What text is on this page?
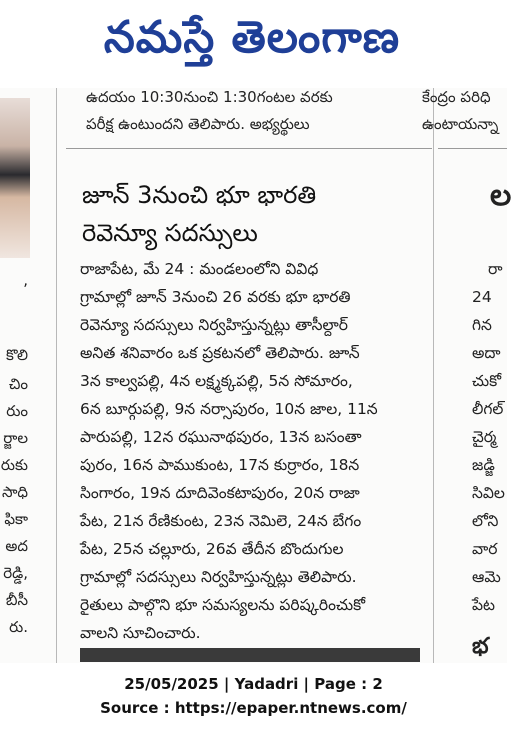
నమస్తే తెలంగాణ
,
కొలి
చిం
రుం
ర్జాల
రుకు
సాధి
ఫికా
అద
రెడ్డి,
బీసీ
రు.
ఉదయం 10:30నుంచి 1:30గంటల వరకు
పరీక్ష ఉంటుందని తెలిపారు. అభ్యర్థులు
జూన్ 3నుంచి భూ భారతి
రెవెన్యూ సదస్సులు
రాజాపేట, మే 24 : మండలంలోని వివిధ
గ్రామాల్లో జూన్ 3నుంచి 26 వరకు భూ భారతి
రెవెన్యూ సదస్సులు నిర్వహిస్తున్నట్లు తాసీల్దార్
అనిత శనివారం ఒక ప్రకటనలో తెలిపారు. జూన్
3న కాల్వపల్లి, 4న లక్ష్మక్కపల్లి, 5న సోమారం,
6న బూర్గుపల్లి, 9న నర్సాపురం, 10న జాల, 11న
పారుపల్లి, 12న రఘునాథపురం, 13న బసంతా
పురం, 16న పాముకుంట, 17న కుర్రారం, 18న
సింగారం, 19న దూదివెంకటాపురం, 20న రాజా
పేట, 21న రేణికుంట, 23న నెమిలె, 24న బేగం
పేట, 25న చల్లూరు, 26వ తేదీన బొందుగుల
గ్రామాల్లో సదస్సులు నిర్వహిస్తున్నట్లు తెలిపారు.
రైతులు పాల్గొని భూ సమస్యలను పరిష్కరించుకో
వాలని సూచించారు.
కేంద్రం పరిధి
ఉంటాయన్నా
ల
రా
24
గిన
అదా
చుకో
లీగల్
చైర్మ
జడ్జి
సివిల
లోని
వార
ఆమె
పేట
భ
25/05/2025 | Yadadri | Page : 2
Source : https://epaper.ntnews.com/
